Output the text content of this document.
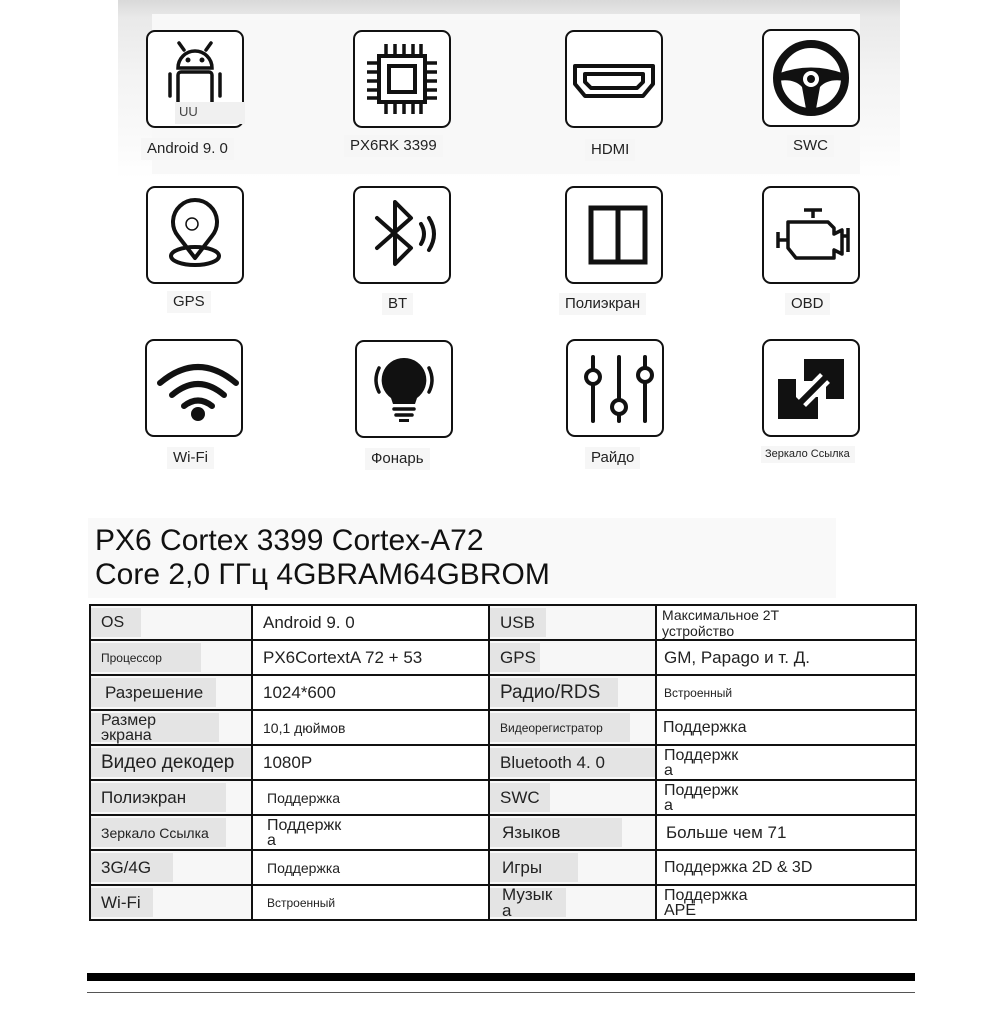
UU
Android 9. 0	PX6RK 3399	HDMI	SWC
GPS	BT	Полиэкран	OBD
Wi-Fi	Фонарь	Райдо	Зеркало Ссылка
PX6 Cortex 3399 Cortex-A72
Core 2,0 ГГц 4GBRAM64GBROM
OS	Android 9. 0	USB	Максимальное 2T устройство

Процессор	PX6CortextA 72 + 53	GPS	GM, Papago и т. Д.

Разрешение	1024*600	Радио/RDS	Встроенный

Размер экрана	10,1 дюймов	Видеорегистратор	Поддержка

Видео декодер	1080P	Bluetooth 4. 0	Поддержк а

Полиэкран	Поддержка	SWC	Поддержк а

Зеркало Ссылка	Поддержк а	Языков	Больше чем 71

3G/4G	Поддержка	Игры	Поддержка 2D & 3D

Wi-Fi	Встроенный	Музык а	Поддержка APE
